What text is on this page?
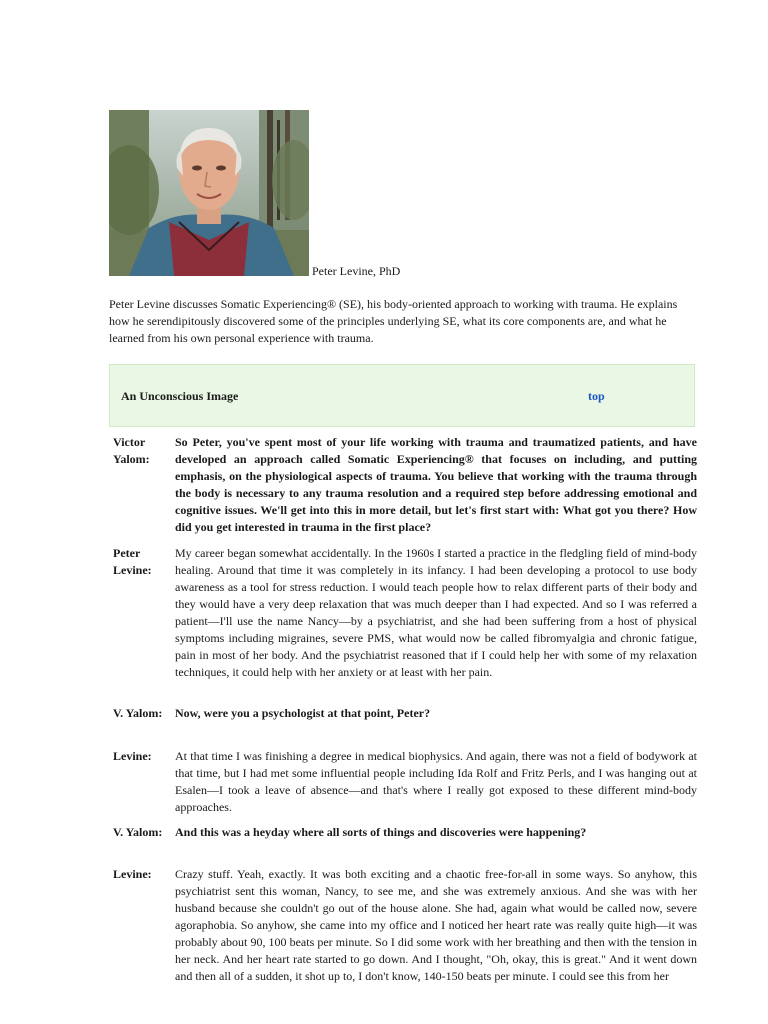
Peter Levine, PhD

Peter Levine discusses Somatic Experiencing® (SE), his body-oriented approach to working with trauma. He explains how he serendipitously discovered some of the principles underlying SE, what its core components are, and what he learned from his own personal experience with trauma.

An Unconscious Image	top
Victor Yalom:

So Peter, you've spent most of your life working with trauma and traumatized patients, and have developed an approach called Somatic Experiencing® that focuses on including, and putting emphasis, on the physiological aspects of trauma. You believe that working with the trauma through the body is necessary to any trauma resolution and a required step before addressing emotional and cognitive issues. We'll get into this in more detail, but let's first start with: What got you there? How did you get interested in trauma in the first place?

Peter Levine:

My career began somewhat accidentally. In the 1960s I started a practice in the fledgling field of mind-body healing. Around that time it was completely in its infancy. I had been developing a protocol to use body awareness as a tool for stress reduction. I would teach people how to relax different parts of their body and they would have a very deep relaxation that was much deeper than I had expected. And so I was referred a patient—I'll use the name Nancy—by a psychiatrist, and she had been suffering from a host of physical symptoms including migraines, severe PMS, what would now be called fibromyalgia and chronic fatigue, pain in most of her body. And the psychiatrist reasoned that if I could help her with some of my relaxation techniques, it could help with her anxiety or at least with her pain.

V. Yalom:	Now, were you a psychologist at that point, Peter?

Levine:	At that time I was finishing a degree in medical biophysics. And again, there was not a field of bodywork at that time, but I had met some influential people including Ida Rolf and Fritz Perls, and I was hanging out at Esalen—I took a leave of absence—and that's where I really got exposed to these different mind-body approaches.

V. Yalom:	And this was a heyday where all sorts of things and discoveries were happening?

Levine:	Crazy stuff. Yeah, exactly. It was both exciting and a chaotic free-for-all in some ways. So anyhow, this psychiatrist sent this woman, Nancy, to see me, and she was extremely anxious. And she was with her husband because she couldn't go out of the house alone. She had, again what would be called now, severe agoraphobia. So anyhow, she came into my office and I noticed her heart rate was really quite high—it was probably about 90, 100 beats per minute. So I did some work with her breathing and then with the tension in her neck. And her heart rate started to go down. And I thought, "Oh, okay, this is great." And it went down and then all of a sudden, it shot up to, I don't know, 140-150 beats per minute. I could see this from her
